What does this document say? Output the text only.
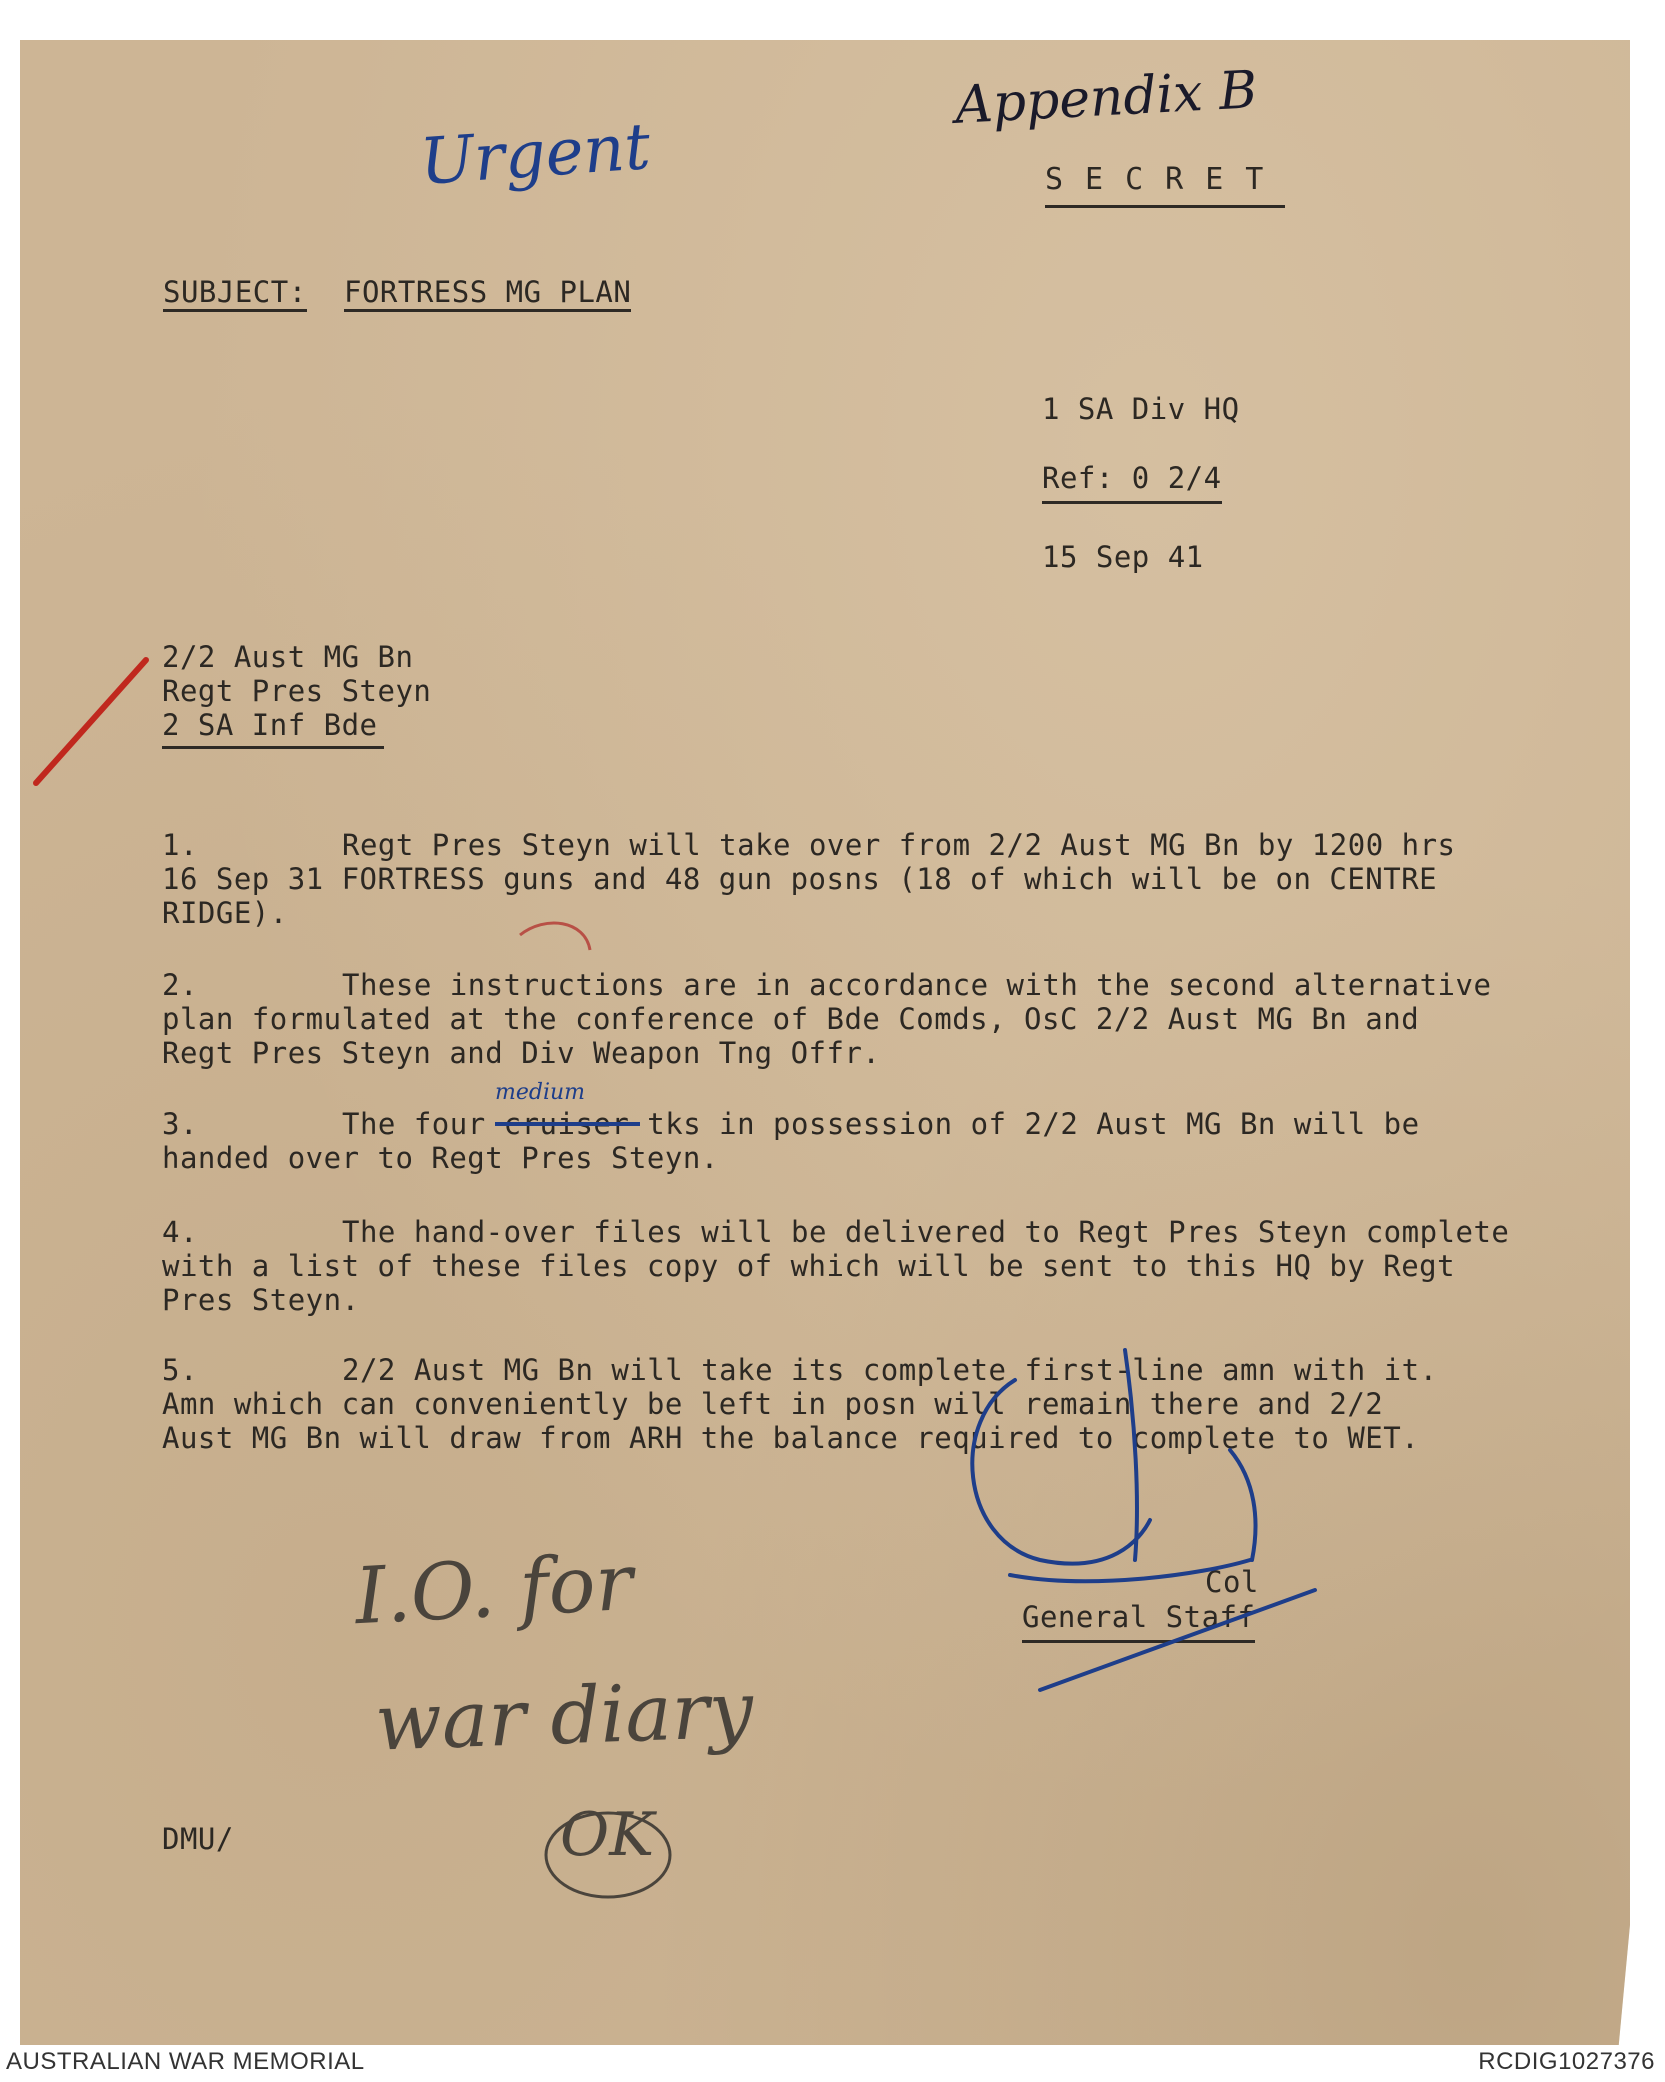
SUBJECT: FORTRESS MG PLAN
SECRET
1 SA Div HQ
Ref: 0 2/4
15 Sep 41
2/2 Aust MG Bn
Regt Pres Steyn
2 SA Inf Bde
1.	Regt Pres Steyn will take over from 2/2 Aust MG Bn by 1200 hrs
16 Sep 31 FORTRESS guns and 48 gun posns (18 of which will be on CENTRE
RIDGE).
2.	These instructions are in accordance with the second alternative
plan formulated at the conference of Bde Comds, OsC 2/2 Aust MG Bn and
Regt Pres Steyn and Div Weapon Tng Offr.
3.	The four cruiser tks in possession of 2/2 Aust MG Bn will be
handed over to Regt Pres Steyn.
4.	The hand-over files will be delivered to Regt Pres Steyn complete
with a list of these files copy of which will be sent to this HQ by Regt
Pres Steyn.
5.	2/2 Aust MG Bn will take its complete first-line amn with it.
Amn which can conveniently be left in posn will remain there and 2/2
Aust MG Bn will draw from ARH the balance required to complete to WET.
Col
General Staff
DMU/
AUSTRALIAN WAR MEMORIAL	RCDIG1027376
Appendix B
Urgent
medium
I.O. for
war diary
OK
